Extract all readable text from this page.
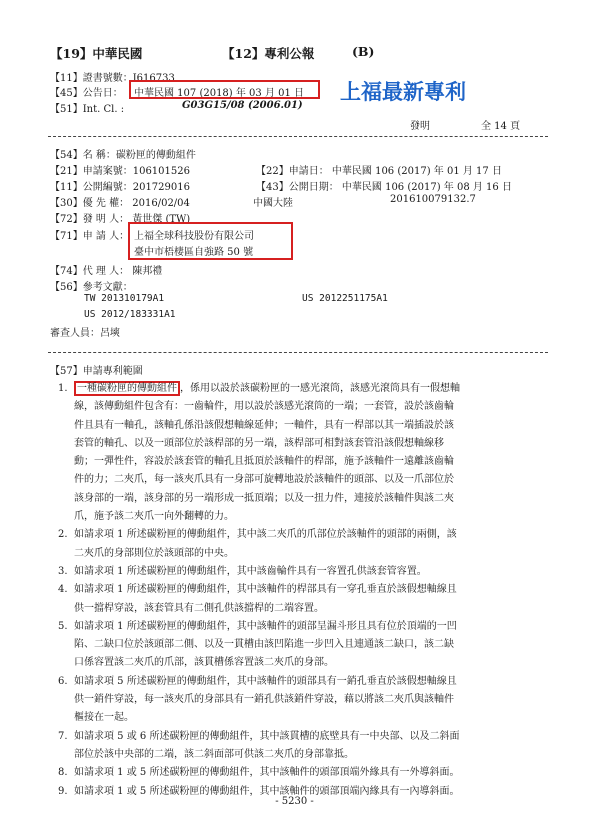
【19】中華民國	【12】專利公報	(B)
【11】證書號數：I616733
【45】公告日： 中華民國 107 (2018) 年 03 月 01 日
【51】Int. Cl. :	G03G15/08 (2006.01)
上福最新專利
發明	全 14 頁
【54】名 稱：碳粉匣的傳動組件
【21】申請案號：106101526	【22】申請日： 中華民國 106 (2017) 年 01 月 17 日
【11】公開編號：201729016	【43】公開日期： 中華民國 106 (2017) 年 08 月 16 日
【30】優 先 權： 2016/02/04	中國大陸	201610079132.7
【72】發 明 人： 黃世傑 (TW)
【71】申 請 人： 上福全球科技股份有限公司
臺中市梧棲區自強路 50 號
【74】代 理 人： 陳邦禮
【56】參考文獻：
TW 201310179A1	US 2012251175A1
US 2012/183331A1
審查人員：呂塽
【57】申請專利範圍
1. 一種碳粉匣的傳動組件 ，係用以設於該碳粉匣的一感光滾筒，該感光滾筒具有一假想軸
線，該傳動組件包含有：一齒輪件，用以設於該感光滾筒的一端；一套管，設於該齒輪
件且具有一軸孔，該軸孔係沿該假想軸線延伸；一軸件，具有一桿部以其一端插設於該
套管的軸孔、以及一頭部位於該桿部的另一端，該桿部可相對該套管沿該假想軸線移
動；一彈性件，容設於該套管的軸孔且抵頂於該軸件的桿部，施予該軸件一遠離該齒輪
件的力；二夾爪，每一該夾爪具有一身部可旋轉地設於該軸件的頭部、以及一爪部位於
該身部的一端，該身部的另一端形成一抵頂端；以及一扭力件，連接於該軸件與該二夾
爪，施予該二夾爪一向外翻轉的力。
2. 如請求項 1 所述碳粉匣的傳動組件，其中該二夾爪的爪部位於該軸件的頭部的兩側，該
二夾爪的身部則位於該頭部的中央。
3. 如請求項 1 所述碳粉匣的傳動組件，其中該齒輪件具有一容置孔供該套管容置。
4. 如請求項 1 所述碳粉匣的傳動組件，其中該軸件的桿部具有一穿孔垂直於該假想軸線且
供一擋桿穿設，該套管具有二側孔供該擋桿的二端容置。
5. 如請求項 1 所述碳粉匣的傳動組件，其中該軸件的頭部呈漏斗形且具有位於頂端的一凹
陷、二缺口位於該頭部二側、以及一貫槽由該凹陷進一步凹入且連通該二缺口，該二缺
口係容置該二夾爪的爪部，該貫槽係容置該二夾爪的身部。
6. 如請求項 5 所述碳粉匣的傳動組件，其中該軸件的頭部具有一銷孔垂直於該假想軸線且
供一銷件穿設，每一該夾爪的身部具有一銷孔供該銷件穿設，藉以將該二夾爪與該軸件
樞接在一起。
7. 如請求項 5 或 6 所述碳粉匣的傳動組件，其中該貫槽的底壁具有一中央部、以及二斜面
部位於該中央部的二端，該二斜面部可供該二夾爪的身部靠抵。
8. 如請求項 1 或 5 所述碳粉匣的傳動組件，其中該軸件的頭部頂端外緣具有一外導斜面。
9. 如請求項 1 或 5 所述碳粉匣的傳動組件，其中該軸件的頭部頂端內緣具有一內導斜面。
- 5230 -
